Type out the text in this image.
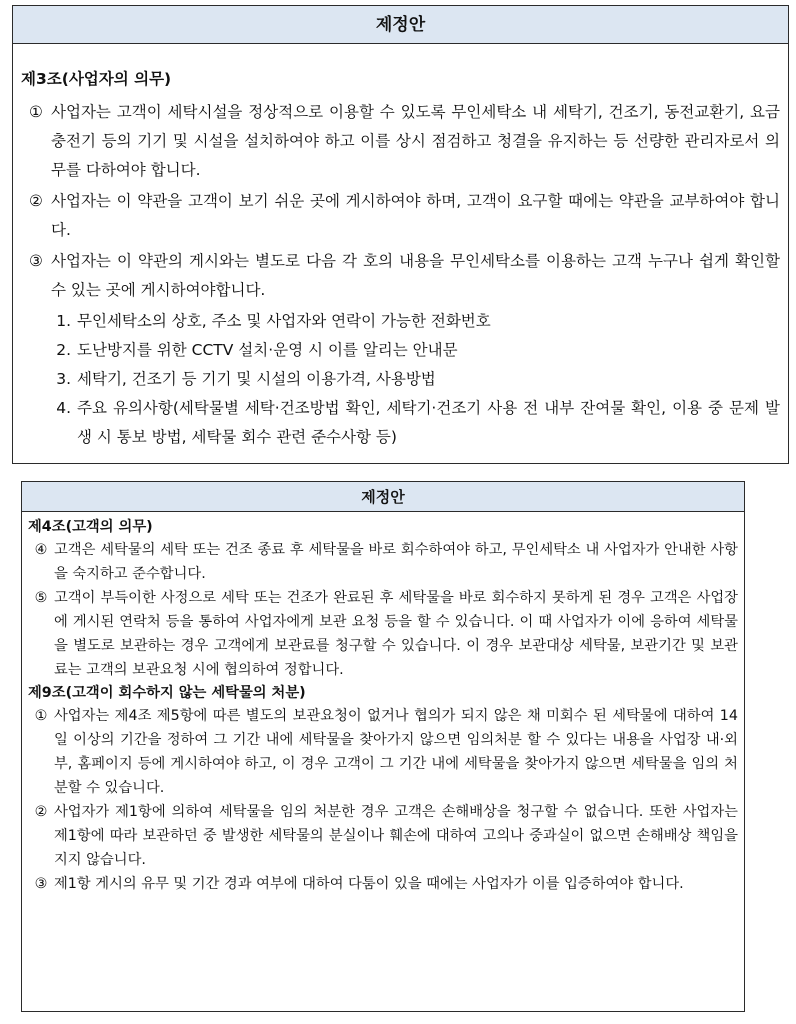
제정안
제3조(사업자의 의무)
① 사업자는 고객이 세탁시설을 정상적으로 이용할 수 있도록 무인세탁소 내 세탁기, 건조기, 동전교환기, 요금충전기 등의 기기 및 시설을 설치하여야 하고 이를 상시 점검하고 청결을 유지하는 등 선량한 관리자로서 의무를 다하여야 합니다.
② 사업자는 이 약관을 고객이 보기 쉬운 곳에 게시하여야 하며, 고객이 요구할 때에는 약관을 교부하여야 합니다.
③ 사업자는 이 약관의 게시와는 별도로 다음 각 호의 내용을 무인세탁소를 이용하는 고객 누구나 쉽게 확인할 수 있는 곳에 게시하여야합니다.
1. 무인세탁소의 상호, 주소 및 사업자와 연락이 가능한 전화번호
2. 도난방지를 위한 CCTV 설치·운영 시 이를 알리는 안내문
3. 세탁기, 건조기 등 기기 및 시설의 이용가격, 사용방법
4. 주요 유의사항(세탁물별 세탁·건조방법 확인, 세탁기·건조기 사용 전 내부 잔여물 확인, 이용 중 문제 발생 시 통보 방법, 세탁물 회수 관련 준수사항 등)
제정안
제4조(고객의 의무)
④ 고객은 세탁물의 세탁 또는 건조 종료 후 세탁물을 바로 회수하여야 하고, 무인세탁소 내 사업자가 안내한 사항을 숙지하고 준수합니다.
⑤ 고객이 부득이한 사정으로 세탁 또는 건조가 완료된 후 세탁물을 바로 회수하지 못하게 된 경우 고객은 사업장에 게시된 연락처 등을 통하여 사업자에게 보관 요청 등을 할 수 있습니다. 이 때 사업자가 이에 응하여 세탁물을 별도로 보관하는 경우 고객에게 보관료를 청구할 수 있습니다. 이 경우 보관대상 세탁물, 보관기간 및 보관료는 고객의 보관요청 시에 협의하여 정합니다.
제9조(고객이 회수하지 않는 세탁물의 처분)
① 사업자는 제4조 제5항에 따른 별도의 보관요청이 없거나 협의가 되지 않은 채 미회수 된 세탁물에 대하여 14일 이상의 기간을 정하여 그 기간 내에 세탁물을 찾아가지 않으면 임의처분 할 수 있다는 내용을 사업장 내·외부, 홈페이지 등에 게시하여야 하고, 이 경우 고객이 그 기간 내에 세탁물을 찾아가지 않으면 세탁물을 임의 처분할 수 있습니다.
② 사업자가 제1항에 의하여 세탁물을 임의 처분한 경우 고객은 손해배상을 청구할 수 없습니다. 또한 사업자는 제1항에 따라 보관하던 중 발생한 세탁물의 분실이나 훼손에 대하여 고의나 중과실이 없으면 손해배상 책임을 지지 않습니다.
③ 제1항 게시의 유무 및 기간 경과 여부에 대하여 다툼이 있을 때에는 사업자가 이를 입증하여야 합니다.
